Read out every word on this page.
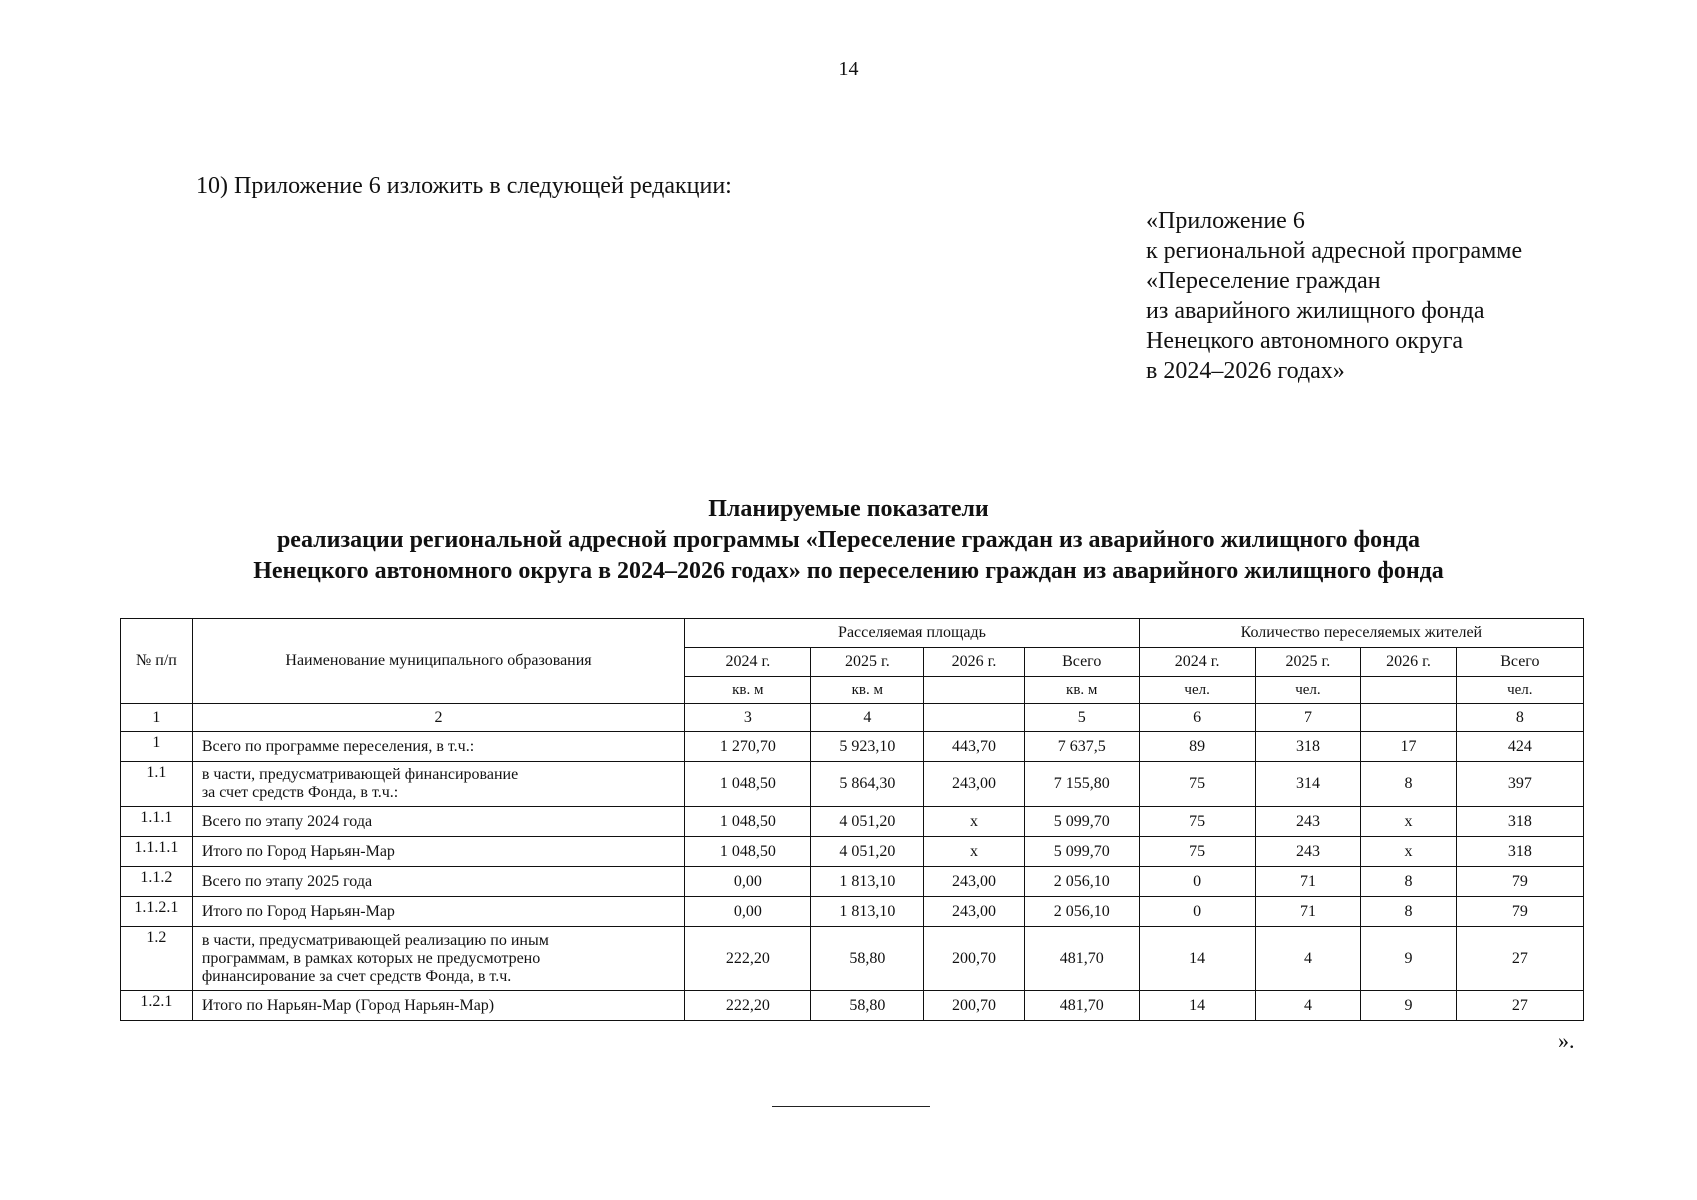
14
10) Приложение 6 изложить в следующей редакции:
«Приложение 6
к региональной адресной программе
«Переселение граждан
из аварийного жилищного фонда
Ненецкого автономного округа
в 2024–2026 годах»
Планируемые показатели
реализации региональной адресной программы «Переселение граждан из аварийного жилищного фонда
Ненецкого автономного округа в 2024–2026 годах» по переселению граждан из аварийного жилищного фонда
№ п/п	Наименование муниципального образования	Расселяемая площадь				Количество переселяемых жителей			
		2024 г.	2025 г.	2026 г.	Всего	2024 г.	2025 г.	2026 г.	Всего
		кв. м	кв. м		кв. м	чел.	чел.		чел.
1	2	3	4		5	6	7		8
1	Всего по программе переселения, в т.ч.:	1 270,70	5 923,10	443,70	7 637,5	89	318	17	424
1.1	в части, предусматривающей финансирование
за счет средств Фонда, в т.ч.:	1 048,50	5 864,30	243,00	7 155,80	75	314	8	397
1.1.1	Всего по этапу 2024 года	1 048,50	4 051,20	x	5 099,70	75	243	x	318
1.1.1.1	Итого по Город Нарьян-Мар	1 048,50	4 051,20	x	5 099,70	75	243	x	318
1.1.2	Всего по этапу 2025 года	0,00	1 813,10	243,00	2 056,10	0	71	8	79
1.1.2.1	Итого по Город Нарьян-Мар	0,00	1 813,10	243,00	2 056,10	0	71	8	79
1.2	в части, предусматривающей реализацию по иным
программам, в рамках которых не предусмотрено
финансирование за счет средств Фонда, в т.ч.	222,20	58,80	200,70	481,70	14	4	9	27
1.2.1	Итого по Нарьян-Мар (Город Нарьян-Мар)	222,20	58,80	200,70	481,70	14	4	9	27
».
